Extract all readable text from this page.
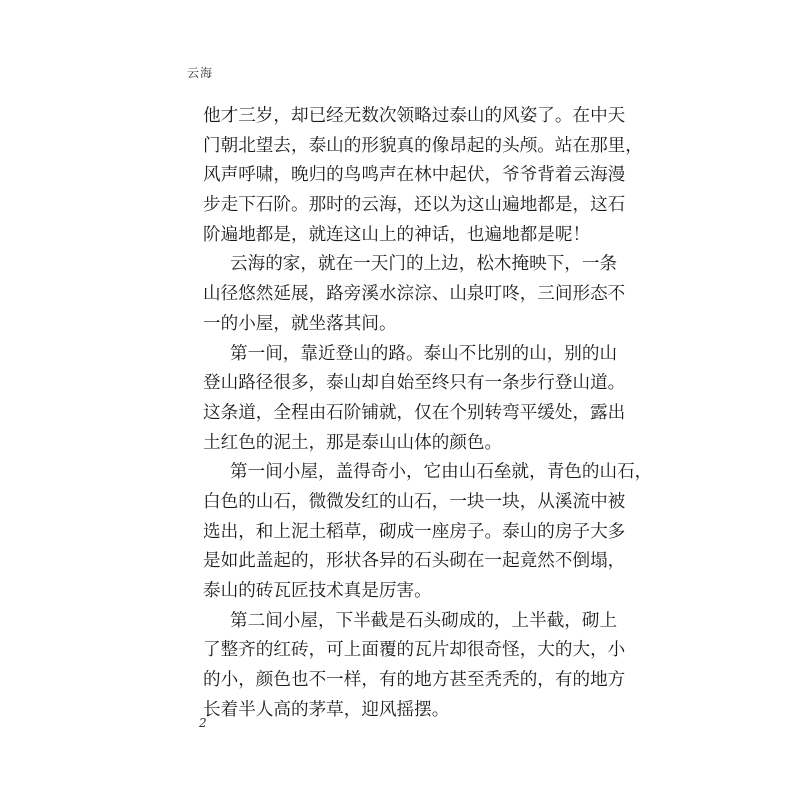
云海
他才三岁，却已经无数次领略过泰山的风姿了。在中天
门朝北望去，泰山的形貌真的像昂起的头颅。站在那里，
风声呼啸，晚归的鸟鸣声在林中起伏，爷爷背着云海漫
步走下石阶。那时的云海，还以为这山遍地都是，这石
阶遍地都是，就连这山上的神话，也遍地都是呢！
云海的家，就在一天门的上边，松木掩映下，一条
山径悠然延展，路旁溪水淙淙、山泉叮咚，三间形态不
一的小屋，就坐落其间。
第一间，靠近登山的路。泰山不比别的山，别的山
登山路径很多，泰山却自始至终只有一条步行登山道。
这条道，全程由石阶铺就，仅在个别转弯平缓处，露出
土红色的泥土，那是泰山山体的颜色。
第一间小屋，盖得奇小，它由山石垒就，青色的山石，
白色的山石，微微发红的山石，一块一块，从溪流中被
选出，和上泥土稻草，砌成一座房子。泰山的房子大多
是如此盖起的，形状各异的石头砌在一起竟然不倒塌，
泰山的砖瓦匠技术真是厉害。
第二间小屋，下半截是石头砌成的，上半截，砌上
了整齐的红砖，可上面覆的瓦片却很奇怪，大的大，小
的小，颜色也不一样，有的地方甚至秃秃的，有的地方
长着半人高的茅草，迎风摇摆。
2
